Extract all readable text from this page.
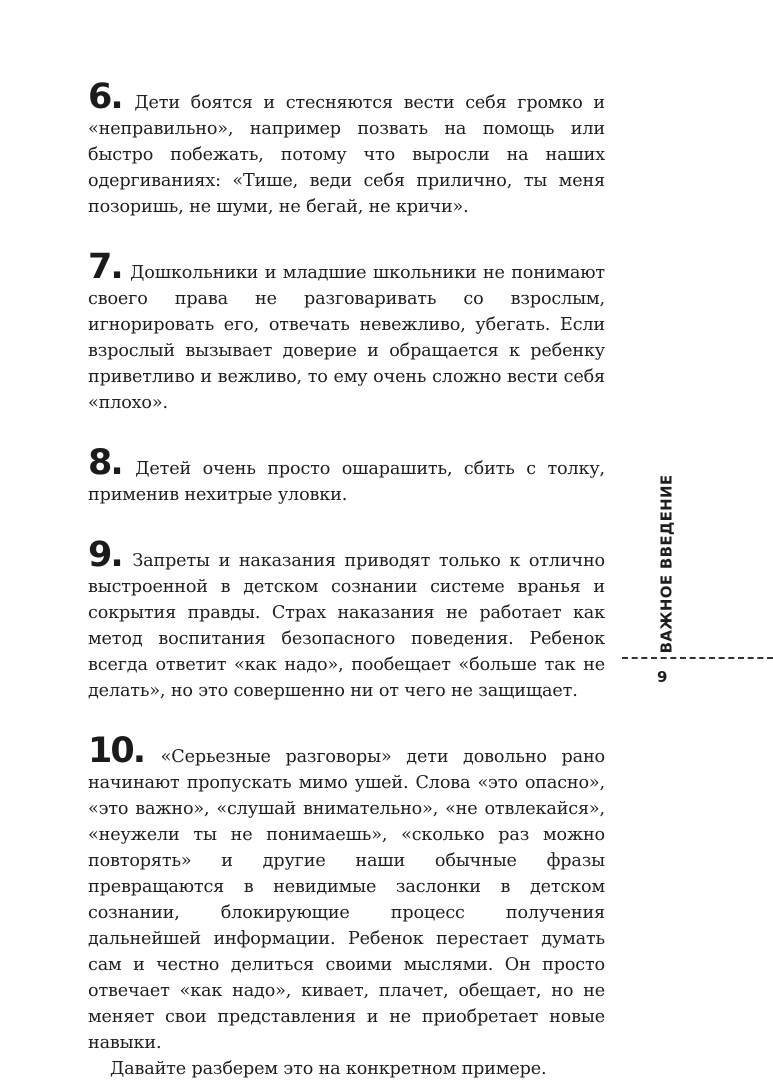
6. Дети боятся и стесняются вести себя громко и «неправильно», например позвать на помощь или быстро побежать, потому что выросли на наших одергиваниях: «Тише, веди себя прилично, ты меня позоришь, не шуми, не бегай, не кричи».

7. Дошкольники и младшие школьники не понимают своего права не разговаривать со взрослым, игнорировать его, отвечать невежливо, убегать. Если взрослый вызывает доверие и обращается к ребенку приветливо и вежливо, то ему очень сложно вести себя «плохо».

8. Детей очень просто ошарашить, сбить с толку, применив нехитрые уловки.

9. Запреты и наказания приводят только к отлично выстроенной в детском сознании системе вранья и сокрытия правды. Страх наказания не работает как метод воспитания безопасного поведения. Ребенок всегда ответит «как надо», пообещает «больше так не делать», но это совершенно ни от чего не защищает.

10. «Серьезные разговоры» дети довольно рано начинают пропускать мимо ушей. Слова «это опасно», «это важно», «слушай внимательно», «не отвлекайся», «неужели ты не понимаешь», «сколько раз можно повторять» и другие наши обычные фразы превращаются в невидимые заслонки в детском сознании, блокирующие процесс получения дальнейшей информации. Ребенок перестает думать сам и честно делиться своими мыслями. Он просто отвечает «как надо», кивает, плачет, обещает, но не меняет свои представления и не приобретает новые навыки.

Давайте разберем это на конкретном примере.

ВАЖНОЕ ВВЕДЕНИЕ
9
